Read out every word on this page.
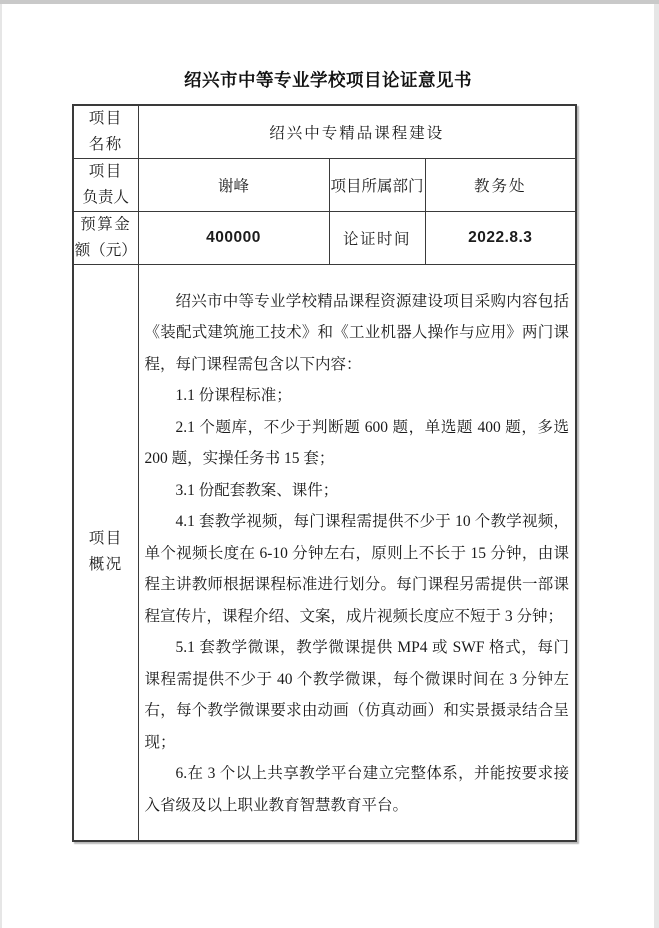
绍兴市中等专业学校项目论证意见书
项目
名称	绍兴中专精品课程建设		

项目
负责人	谢峰	项目所属部门	教务处

预算金
额（元）	400000	论证时间	2022.8.3

项目
概况

绍兴市中等专业学校精品课程资源建设项目采购内容包括《装配式建筑施工技术》和《工业机器人操作与应用》两门课程，每门课程需包含以下内容：

1.1 份课程标准；

2.1 个题库，不少于判断题 600 题，单选题 400 题，多选 200 题，实操任务书 15 套；

3.1 份配套教案、课件；

4.1 套教学视频，每门课程需提供不少于 10 个教学视频，单个视频长度在 6-10 分钟左右，原则上不长于 15 分钟，由课程主讲教师根据课程标准进行划分。每门课程另需提供一部课程宣传片，课程介绍、文案，成片视频长度应不短于 3 分钟；

5.1 套教学微课，教学微课提供 MP4 或 SWF 格式，每门课程需提供不少于 40 个教学微课，每个微课时间在 3 分钟左右，每个教学微课要求由动画（仿真动画）和实景摄录结合呈现；

6.在 3 个以上共享教学平台建立完整体系，并能按要求接入省级及以上职业教育智慧教育平台。
